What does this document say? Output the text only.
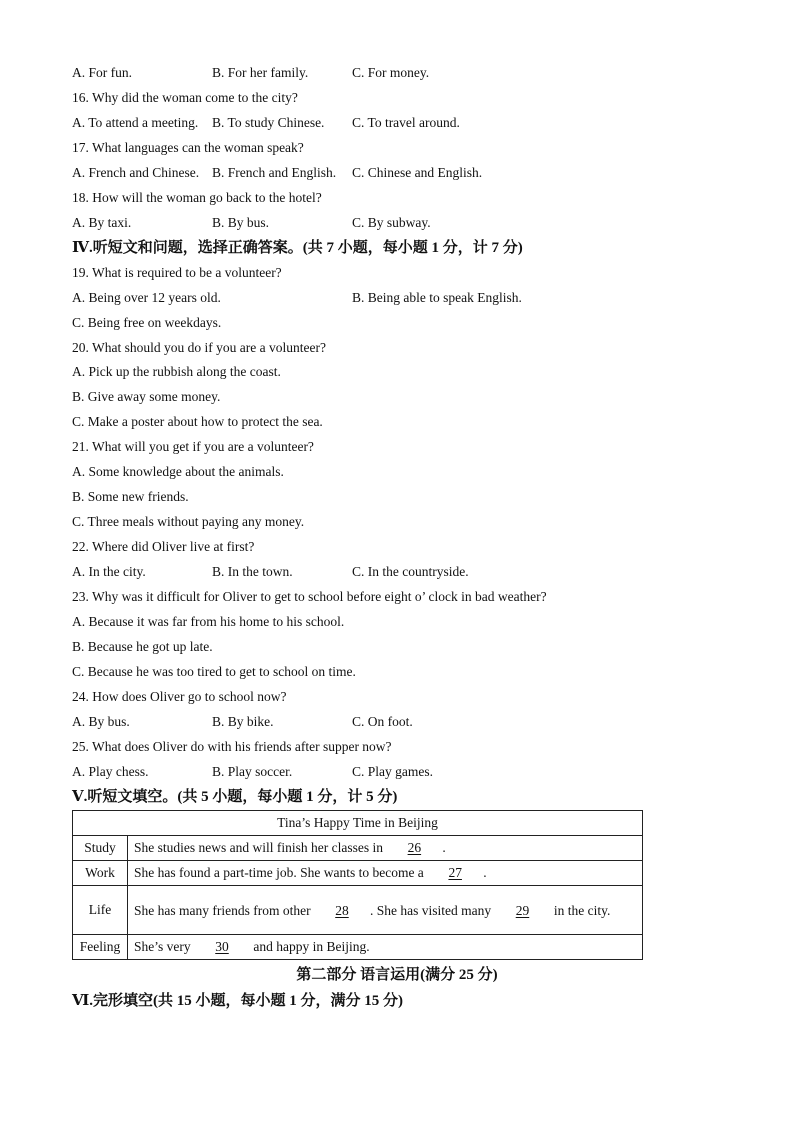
A. For fun.	B. For her family.	C. For money.
16. Why did the woman come to the city?
A. To attend a meeting. B. To study Chinese. C. To travel around.
17. What languages can the woman speak?
A. French and Chinese. B. French and English. C. Chinese and English.
18. How will the woman go back to the hotel?
A. By taxi.	B. By bus.	C. By subway.
Ⅳ.听短文和问题，选择正确答案。(共 7 小题，每小题 1 分，计 7 分)
19. What is required to be a volunteer?
A. Being over 12 years old.	B. Being able to speak English.
C. Being free on weekdays.
20. What should you do if you are a volunteer?
A. Pick up the rubbish along the coast.
B. Give away some money.
C. Make a poster about how to protect the sea.
21. What will you get if you are a volunteer?
A. Some knowledge about the animals.
B. Some new friends.
C. Three meals without paying any money.
22. Where did Oliver live at first?
A. In the city.	B. In the town.	C. In the countryside.
23. Why was it difficult for Oliver to get to school before eight o’ clock in bad weather?
A. Because it was far from his home to his school.
B. Because he got up late.
C. Because he was too tired to get to school on time.
24. How does Oliver go to school now?
A. By bus.	B. By bike.	C. On foot.
25. What does Oliver do with his friends after supper now?
A. Play chess.	B. Play soccer.	C. Play games.
Ⅴ.听短文填空。(共 5 小题，每小题 1 分，计 5 分)
Tina’s Happy Time in Beijing	
Study	She studies news and will finish her classes in 26 .
Work	She has found a part-time job. She wants to become a 27 .
Life	She has many friends from other 28 . She has visited many 29 in the city.
Feeling	She’s very 30 and happy in Beijing.
第二部分 语言运用(满分 25 分)
Ⅵ.完形填空(共 15 小题，每小题 1 分，满分 15 分)
